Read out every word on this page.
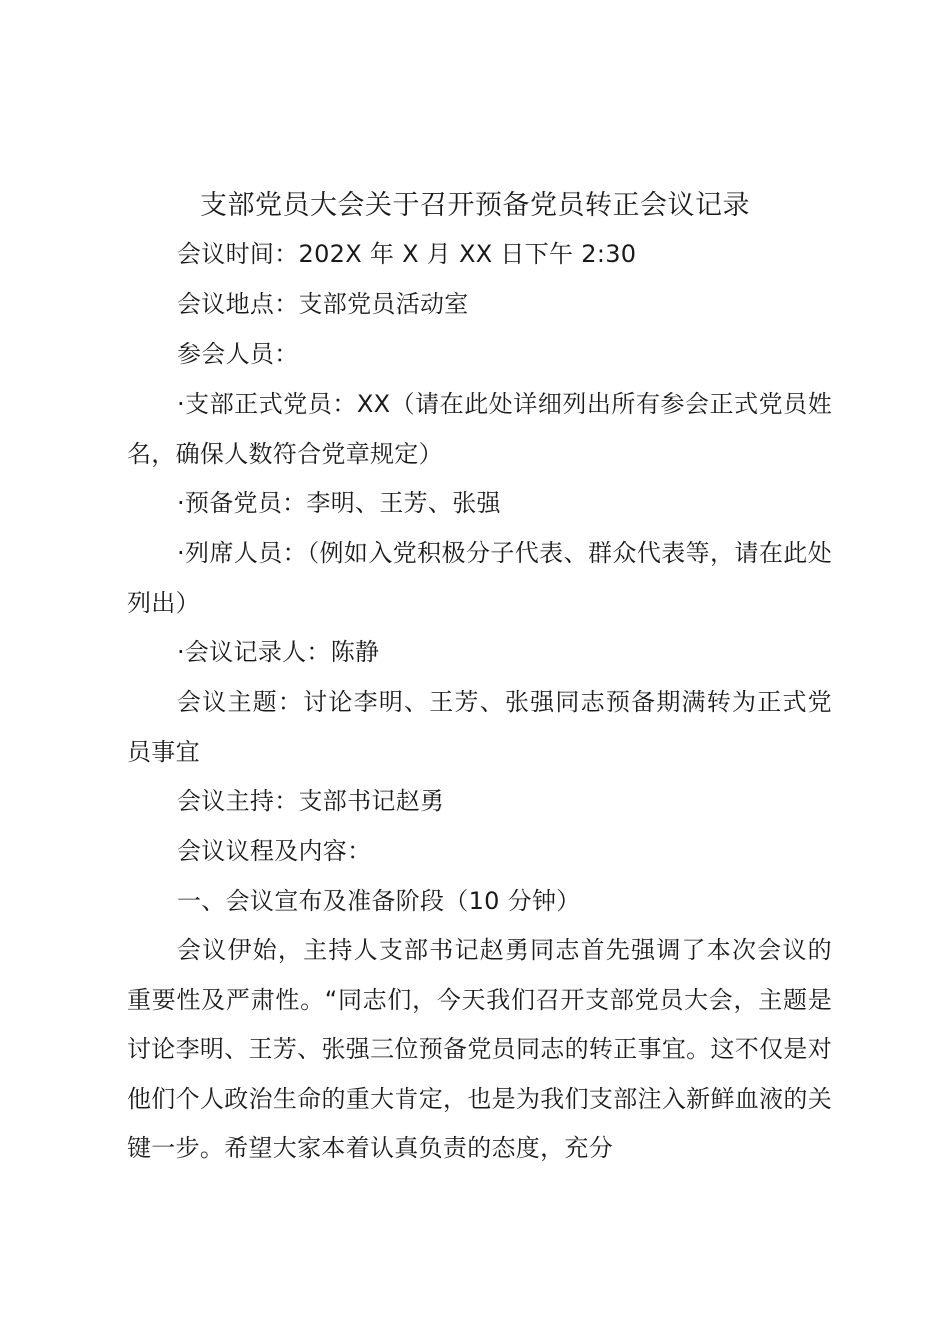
支部党员大会关于召开预备党员转正会议记录

会议时间：202X 年 X 月 XX 日下午 2:30

会议地点：支部党员活动室

参会人员：

·支部正式党员：XX（请在此处详细列出所有参会正式党员姓名，确保人数符合党章规定）

·预备党员：李明、王芳、张强

·列席人员：（例如入党积极分子代表、群众代表等，请在此处列出）

·会议记录人：陈静

会议主题：讨论李明、王芳、张强同志预备期满转为正式党员事宜

会议主持：支部书记赵勇

会议议程及内容：

一、会议宣布及准备阶段（10 分钟）

会议伊始，主持人支部书记赵勇同志首先强调了本次会议的重要性及严肃性。“同志们，今天我们召开支部党员大会，主题是讨论李明、王芳、张强三位预备党员同志的转正事宜。这不仅是对他们个人政治生命的重大肯定，也是为我们支部注入新鲜血液的关键一步。希望大家本着认真负责的态度，充分
